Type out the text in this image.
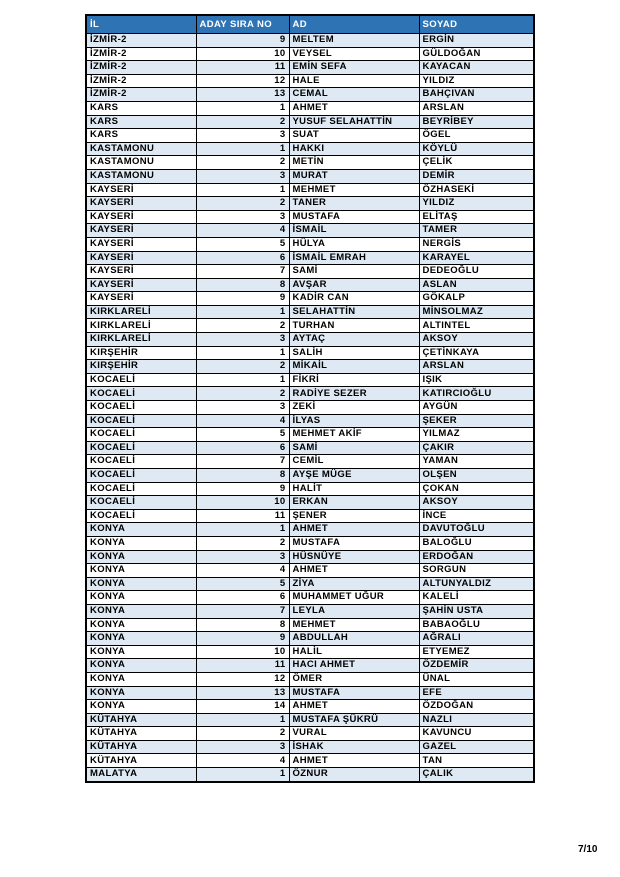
İL	ADAY SIRA NO	AD	SOYAD
İZMİR-2	9	MELTEM	ERGİN
İZMİR-2	10	VEYSEL	GÜLDOĞAN
İZMİR-2	11	EMİN SEFA	KAYACAN
İZMİR-2	12	HALE	YILDIZ
İZMİR-2	13	CEMAL	BAHÇIVAN
KARS	1	AHMET	ARSLAN
KARS	2	YUSUF SELAHATTİN	BEYRİBEY
KARS	3	SUAT	ÖGEL
KASTAMONU	1	HAKKI	KÖYLÜ
KASTAMONU	2	METİN	ÇELİK
KASTAMONU	3	MURAT	DEMİR
KAYSERİ	1	MEHMET	ÖZHASEKİ
KAYSERİ	2	TANER	YILDIZ
KAYSERİ	3	MUSTAFA	ELİTAŞ
KAYSERİ	4	İSMAİL	TAMER
KAYSERİ	5	HÜLYA	NERGİS
KAYSERİ	6	İSMAİL EMRAH	KARAYEL
KAYSERİ	7	SAMİ	DEDEOĞLU
KAYSERİ	8	AVŞAR	ASLAN
KAYSERİ	9	KADİR CAN	GÖKALP
KIRKLARELİ	1	SELAHATTİN	MİNSOLMAZ
KIRKLARELİ	2	TURHAN	ALTINTEL
KIRKLARELİ	3	AYTAÇ	AKSOY
KIRŞEHİR	1	SALİH	ÇETİNKAYA
KIRŞEHİR	2	MİKAİL	ARSLAN
KOCAELİ	1	FİKRİ	IŞIK
KOCAELİ	2	RADİYE SEZER	KATIRCIOĞLU
KOCAELİ	3	ZEKİ	AYGÜN
KOCAELİ	4	İLYAS	ŞEKER
KOCAELİ	5	MEHMET AKİF	YILMAZ
KOCAELİ	6	SAMİ	ÇAKIR
KOCAELİ	7	CEMİL	YAMAN
KOCAELİ	8	AYŞE MÜGE	OLŞEN
KOCAELİ	9	HALİT	ÇOKAN
KOCAELİ	10	ERKAN	AKSOY
KOCAELİ	11	ŞENER	İNCE
KONYA	1	AHMET	DAVUTOĞLU
KONYA	2	MUSTAFA	BALOĞLU
KONYA	3	HÜSNÜYE	ERDOĞAN
KONYA	4	AHMET	SORGUN
KONYA	5	ZİYA	ALTUNYALDIZ
KONYA	6	MUHAMMET UĞUR	KALELİ
KONYA	7	LEYLA	ŞAHİN USTA
KONYA	8	MEHMET	BABAOĞLU
KONYA	9	ABDULLAH	AĞRALI
KONYA	10	HALİL	ETYEMEZ
KONYA	11	HACI AHMET	ÖZDEMİR
KONYA	12	ÖMER	ÜNAL
KONYA	13	MUSTAFA	EFE
KONYA	14	AHMET	ÖZDOĞAN
KÜTAHYA	1	MUSTAFA ŞÜKRÜ	NAZLI
KÜTAHYA	2	VURAL	KAVUNCU
KÜTAHYA	3	İSHAK	GAZEL
KÜTAHYA	4	AHMET	TAN
MALATYA	1	ÖZNUR	ÇALIK
7/10
